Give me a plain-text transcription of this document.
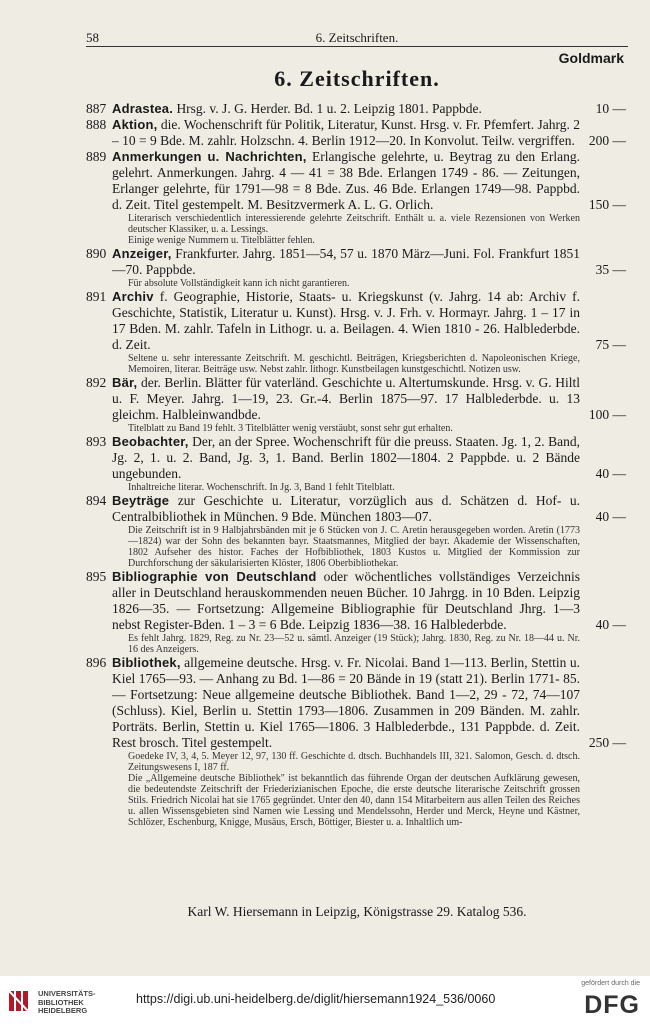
58	6. Zeitschriften.
Goldmark
6. Zeitschriften.
887 Adrastea. Hrsg. v. J. G. Herder. Bd. 1 u. 2. Leipzig 1801. Pappbde.	10 —
888 Aktion, die. Wochenschrift für Politik, Literatur, Kunst. Hrsg. v. Fr. Pfemfert. Jahrg. 2 – 10 = 9 Bde. M. zahlr. Holzschn. 4. Berlin 1912—20. In Konvolut. Teilw. vergriffen.	200 —
889 Anmerkungen u. Nachrichten, Erlangische gelehrte, u. Beytrag zu den Erlang. gelehrt. Anmerkungen. Jahrg. 4 — 41 = 38 Bde. Erlangen 1749 - 86. — Zeitungen, Erlanger gelehrte, für 1791—98 = 8 Bde. Zus. 46 Bde. Erlangen 1749—98. Pappbd. d. Zeit. Titel gestempelt. M. Besitzvermerk A. L. G. Orlich.	150 —
Literarisch verschiedentlich interessierende gelehrte Zeitschrift. Enthält u. a. viele Rezensionen von Werken deutscher Klassiker, u. a. Lessings.
Einige wenige Nummern u. Titelblätter fehlen.
890 Anzeiger, Frankfurter. Jahrg. 1851—54, 57 u. 1870 März—Juni. Fol. Frankfurt 1851—70. Pappbde.	35 —
Für absolute Vollständigkeit kann ich nicht garantieren.
891 Archiv f. Geographie, Historie, Staats- u. Kriegskunst (v. Jahrg. 14 ab: Archiv f. Geschichte, Statistik, Literatur u. Kunst). Hrsg. v. J. Frh. v. Hormayr. Jahrg. 1 – 17 in 17 Bden. M. zahlr. Tafeln in Lithogr. u. a. Beilagen. 4. Wien 1810 - 26. Halblederbde. d. Zeit.	75 —
Seltene u. sehr interessante Zeitschrift. M. geschichtl. Beiträgen, Kriegsberichten d. Napoleonischen Kriege, Memoiren, literar. Beiträge usw. Nebst zahlr. lithogr. Kunstbeilagen kunstgeschichtl. Notizen usw.
892 Bär, der. Berlin. Blätter für vaterländ. Geschichte u. Altertumskunde. Hrsg. v. G. Hiltl u. F. Meyer. Jahrg. 1—19, 23. Gr.-4. Berlin 1875—97. 17 Halblederbde. u. 13 gleichm. Halbleinwandbde.	100 —
Titelblatt zu Band 19 fehlt. 3 Titelblätter wenig verstäubt, sonst sehr gut erhalten.
893 Beobachter, Der, an der Spree. Wochenschrift für die preuss. Staaten. Jg. 1, 2. Band, Jg. 2, 1. u. 2. Band, Jg. 3, 1. Band. Berlin 1802—1804. 2 Pappbde. u. 2 Bände ungebunden.	40 —
Inhaltreiche literar. Wochenschrift. In Jg. 3, Band 1 fehlt Titelblatt.
894 Beyträge zur Geschichte u. Literatur, vorzüglich aus d. Schätzen d. Hof- u. Centralbibliothek in München. 9 Bde. München 1803—07.	40 —
Die Zeitschrift ist in 9 Halbjahrsbänden mit je 6 Stücken von J. C. Aretin herausgegeben worden. Aretin (1773—1824) war der Sohn des bekannten bayr. Staatsmannes, Mitglied der bayr. Akademie der Wissenschaften, 1802 Aufseher des histor. Faches der Hofbibliothek, 1803 Kustos u. Mitglied der Kommission zur Durchforschung der säkularisierten Klöster, 1806 Oberbibliothekar.
895 Bibliographie von Deutschland oder wöchentliches vollständiges Verzeichnis aller in Deutschland herauskommenden neuen Bücher. 10 Jahrgg. in 10 Bden. Leipzig 1826—35. — Fortsetzung: Allgemeine Bibliographie für Deutschland Jhrg. 1—3 nebst Register-Bden. 1 – 3 = 6 Bde. Leipzig 1836—38. 16 Halblederbde.	40 —
Es fehlt Jahrg. 1829, Reg. zu Nr. 23—52 u. sämtl. Anzeiger (19 Stück); Jahrg. 1830, Reg. zu Nr. 18—44 u. Nr. 16 des Anzeigers.
896 Bibliothek, allgemeine deutsche. Hrsg. v. Fr. Nicolai. Band 1—113. Berlin, Stettin u. Kiel 1765—93. — Anhang zu Bd. 1—86 = 20 Bände in 19 (statt 21). Berlin 1771- 85. — Fortsetzung: Neue allgemeine deutsche Bibliothek. Band 1—2, 29 - 72, 74—107 (Schluss). Kiel, Berlin u. Stettin 1793—1806. Zusammen in 209 Bänden. M. zahlr. Porträts. Berlin, Stettin u. Kiel 1765—1806. 3 Halblederbde., 131 Pappbde. d. Zeit. Rest brosch. Titel gestempelt.	250 —
Goedeke IV, 3, 4, 5. Meyer 12, 97, 130 ff. Geschichte d. dtsch. Buchhandels III, 321. Salomon, Gesch. d. dtsch. Zeitungswesens I, 187 ff.
Die „Allgemeine deutsche Bibliothek" ist bekanntlich das führende Organ der deutschen Aufklärung gewesen, die bedeutendste Zeitschrift der Friederizianischen Epoche, die erste deutsche literarische Zeitschrift grossen Stils. Friedrich Nicolai hat sie 1765 gegründet. Unter den 40, dann 154 Mitarbeitern aus allen Teilen des Reiches u. allen Wissensgebieten sind Namen wie Lessing und Mendelssohn, Herder und Merck, Heyne und Kästner, Schlözer, Eschenburg, Knigge, Musäus, Ersch, Böttiger, Biester u. a. Inhaltlich um-
Karl W. Hiersemann in Leipzig, Königstrasse 29. Katalog 536.
UNIVERSITÄTS-
BIBLIOTHEK
HEIDELBERG
https://digi.ub.uni-heidelberg.de/diglit/hiersemann1924_536/0060
gefördert durch die
DFG
